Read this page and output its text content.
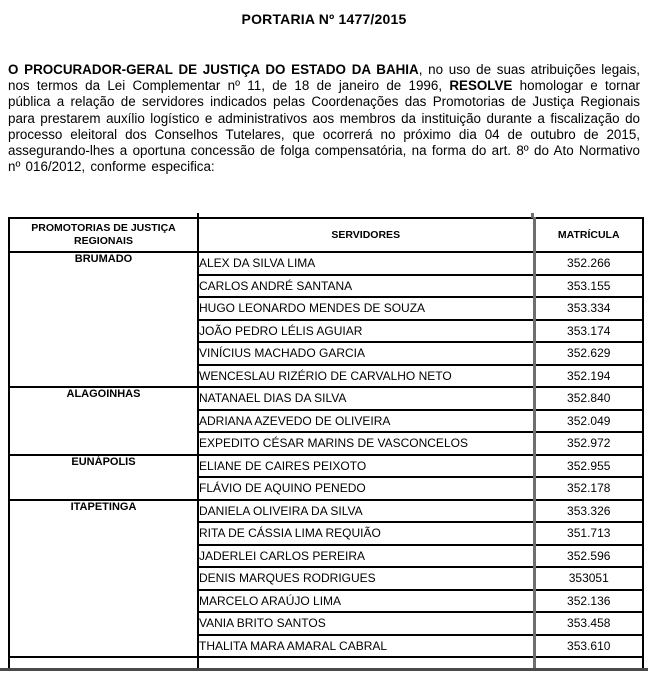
PORTARIA Nº 1477/2015

O PROCURADOR-GERAL DE JUSTIÇA DO ESTADO DA BAHIA, no uso de suas atribuições legais, nos termos da Lei Complementar nº 11, de 18 de janeiro de 1996, RESOLVE homologar e tornar pública a relação de servidores indicados pelas Coordenações das Promotorias de Justiça Regionais para prestarem auxílio logístico e administrativos aos membros da instituição durante a fiscalização do processo eleitoral dos Conselhos Tutelares, que ocorrerá no próximo dia 04 de outubro de 2015, assegurando-lhes a oportuna concessão de folga compensatória, na forma do art. 8º do Ato Normativo nº 016/2012, conforme especifica:

PROMOTORIAS DE JUSTIÇA REGIONAIS	SERVIDORES	MATRÍCULA
BRUMADO	ALEX DA SILVA LIMA	352.266
	CARLOS ANDRÉ SANTANA	353.155
	HUGO LEONARDO MENDES DE SOUZA	353.334
	JOÃO PEDRO LÉLIS AGUIAR	353.174
	VINÍCIUS MACHADO GARCIA	352.629
	WENCESLAU RIZÉRIO DE CARVALHO NETO	352.194
ALAGOINHAS	NATANAEL DIAS DA SILVA	352.840
	ADRIANA AZEVEDO DE OLIVEIRA	352.049
	EXPEDITO CÉSAR MARINS DE VASCONCELOS	352.972
EUNÁPOLIS	ELIANE DE CAIRES PEIXOTO	352.955
	FLÁVIO DE AQUINO PENEDO	352.178
ITAPETINGA	DANIELA OLIVEIRA DA SILVA	353.326
	RITA DE CÁSSIA LIMA REQUIÃO	351.713
	JADERLEI CARLOS PEREIRA	352.596
	DENIS MARQUES RODRIGUES	353051
	MARCELO ARAÚJO LIMA	352.136
	VANIA BRITO SANTOS	353.458
	THALITA MARA AMARAL CABRAL	353.610
